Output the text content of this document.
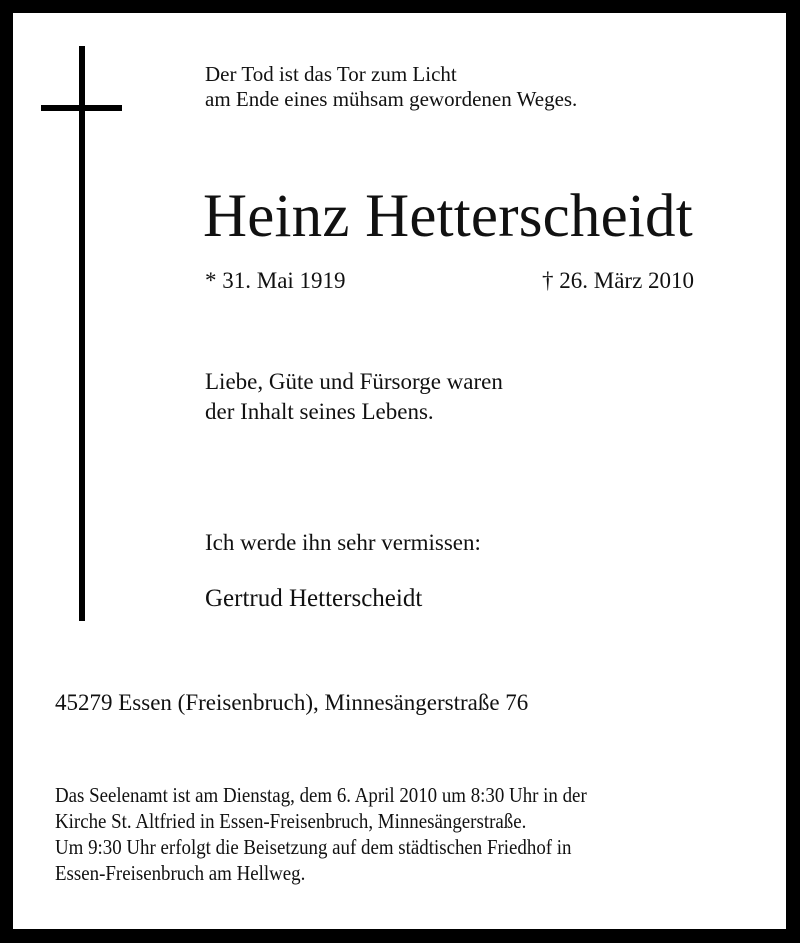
Der Tod ist das Tor zum Licht
am Ende eines mühsam gewordenen Weges.
Heinz Hetterscheidt
* 31. Mai 1919	† 26. März 2010
Liebe, Güte und Fürsorge waren
der Inhalt seines Lebens.
Ich werde ihn sehr vermissen:
Gertrud Hetterscheidt
45279 Essen (Freisenbruch), Minnesängerstraße 76
Das Seelenamt ist am Dienstag, dem 6. April 2010 um 8:30 Uhr in der
Kirche St. Altfried in Essen-Freisenbruch, Minnesängerstraße.
Um 9:30 Uhr erfolgt die Beisetzung auf dem städtischen Friedhof in
Essen-Freisenbruch am Hellweg.
